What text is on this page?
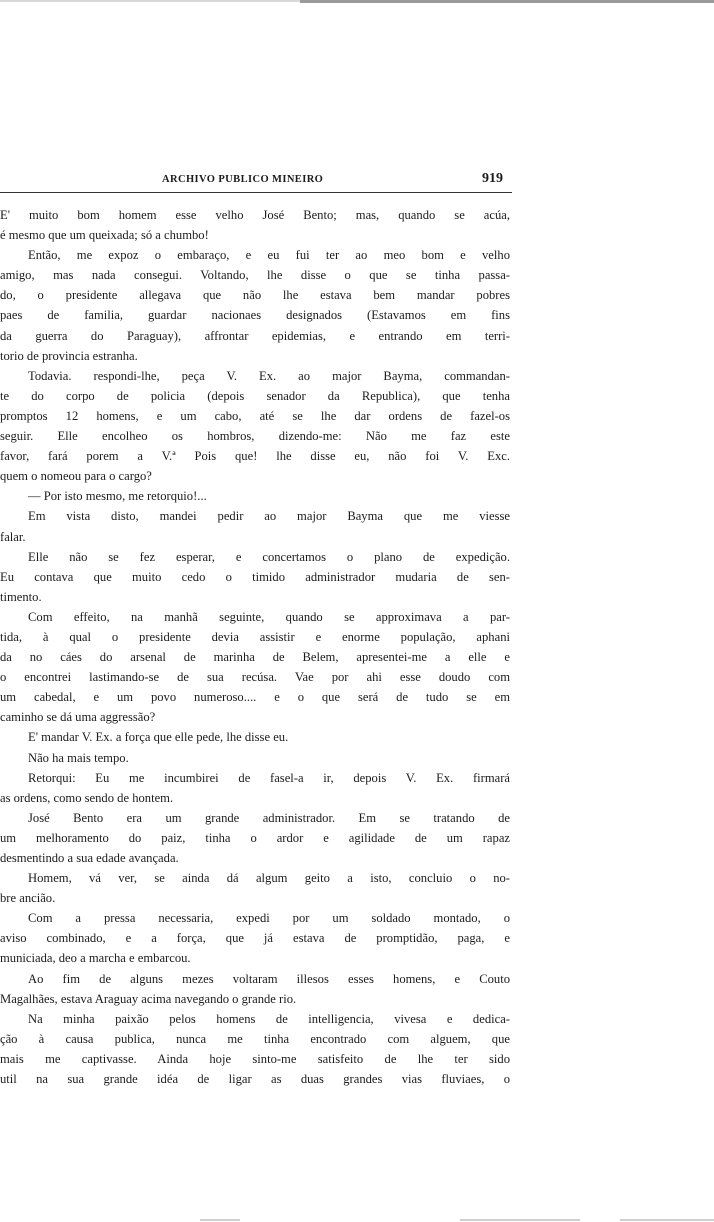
ARCHIVO PUBLICO MINEIRO	919
E' muito bom homem esse velho José Bento; mas, quando se acúa,
é mesmo que um queixada; só a chumbo!
Então, me expoz o embaraço, e eu fui ter ao meo bom e velho
amigo, mas nada consegui. Voltando, lhe disse o que se tinha passa-
do, o presidente allegava que não lhe estava bem mandar pobres
paes de familia, guardar nacionaes designados (Estavamos em fins
da guerra do Paraguay), affrontar epidemias, e entrando em terri-
torio de provincia estranha.
Todavia. respondi-lhe, peça V. Ex. ao major Bayma, commandan-
te do corpo de policia (depois senador da Republica), que tenha
promptos 12 homens, e um cabo, até se lhe dar ordens de fazel-os
seguir. Elle encolheo os hombros, dizendo-me: Não me faz este
favor, fará porem a V.ª Pois que! lhe disse eu, não foi V. Exc.
quem o nomeou para o cargo?
— Por isto mesmo, me retorquio!...
Em vista disto, mandei pedir ao major Bayma que me viesse
falar.
Elle não se fez esperar, e concertamos o plano de expedição.
Eu contava que muito cedo o timido administrador mudaria de sen-
timento.
Com effeito, na manhã seguinte, quando se approximava a par-
tida, à qual o presidente devia assistir e enorme população, aphani
da no cáes do arsenal de marinha de Belem, apresentei-me a elle e
o encontrei lastimando-se de sua recúsa. Vae por ahi esse doudo com
um cabedal, e um povo numeroso.... e o que será de tudo se em
caminho se dá uma aggressão?
E' mandar V. Ex. a força que elle pede, lhe disse eu.
Não ha mais tempo.
Retorqui: Eu me incumbirei de fasel-a ir, depois V. Ex. firmará
as ordens, como sendo de hontem.
José Bento era um grande administrador. Em se tratando de
um melhoramento do paiz, tinha o ardor e agilidade de um rapaz
desmentindo a sua edade avançada.
Homem, vá ver, se ainda dá algum geito a isto, concluio o no-
bre ancião.
Com a pressa necessaria, expedi por um soldado montado, o
aviso combinado, e a força, que já estava de promptidão, paga, e
municiada, deo a marcha e embarcou.
Ao fim de alguns mezes voltaram illesos esses homens, e Couto
Magalhães, estava Araguay acima navegando o grande rio.
Na minha paixão pelos homens de intelligencia, vivesa e dedica-
ção à causa publica, nunca me tinha encontrado com alguem, que
mais me captivasse. Ainda hoje sinto-me satisfeito de lhe ter sido
util na sua grande idéa de ligar as duas grandes vias fluviaes, o
